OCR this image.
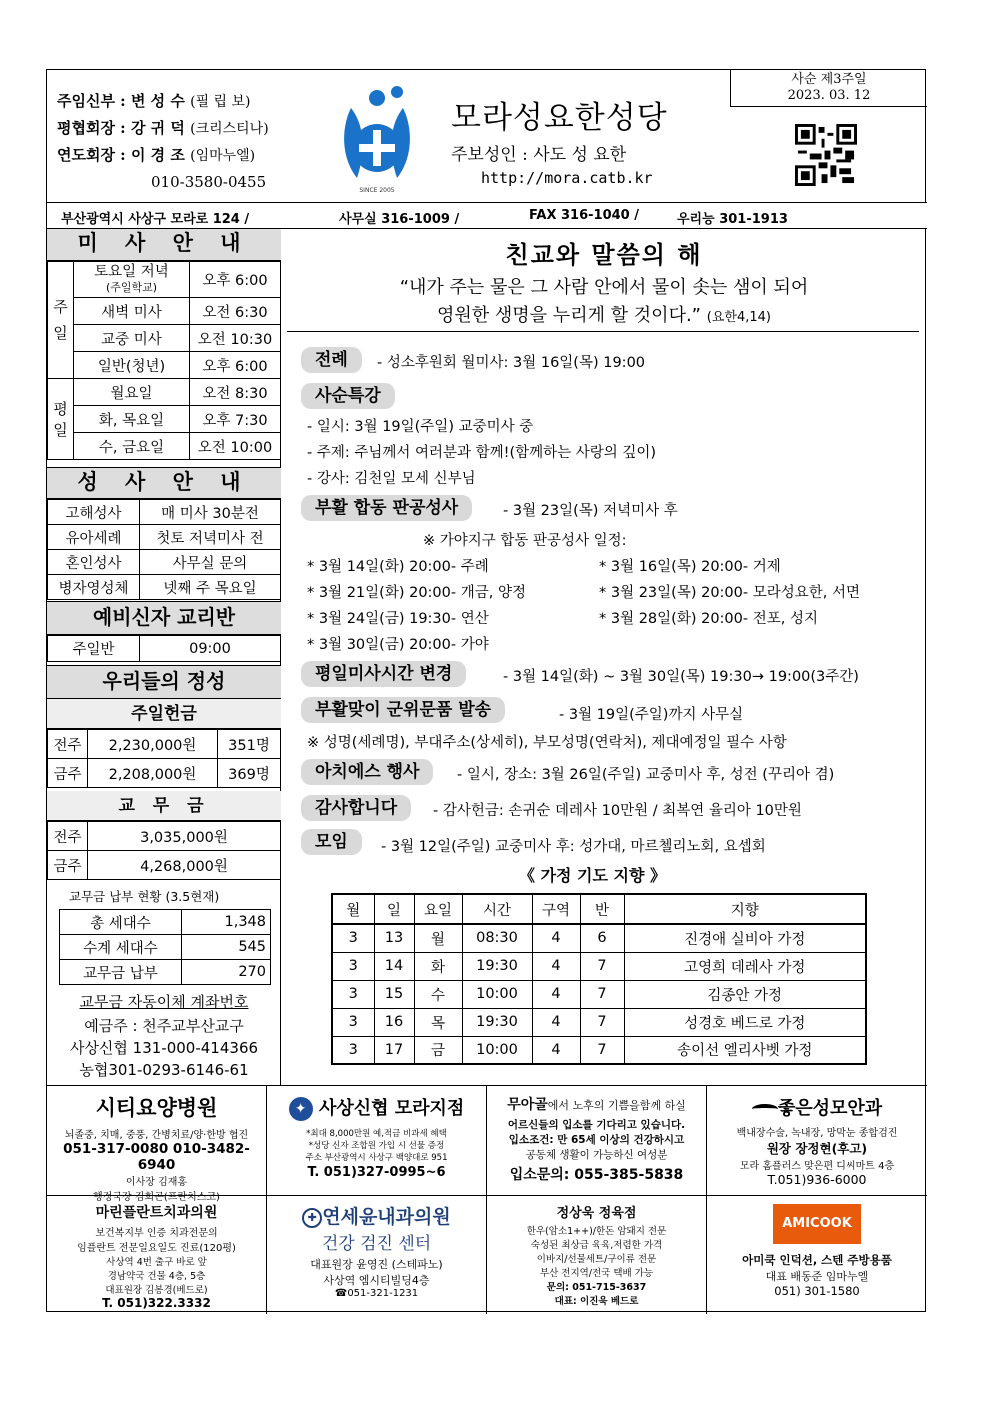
주임신부 : 변 성 수 (필 립 보)
평협회장 : 강 귀 덕 (크리스티나)
연도회장 : 이 경 조 (임마누엘)
010-3580-0455	SINCE 2005
모라성요한성당
주보성인 : 사도 성 요한
http://mora.catb.kr
사순 제3주일
2023. 03. 12
부산광역시 사상구 모라로 124 /	사무실 316-1009 /	FAX 316-1040 /	우리능 301-1913
미 사 안 내
주일	토요일 저녁
(주일학교)	오후 6:00
	새벽 미사	오전 6:30
	교중 미사	오전 10:30
	일반(청년)	오후 6:00
평일	월요일	오전 8:30
	화, 목요일	오후 7:30
	수, 금요일	오전 10:00
성 사 안 내
고해성사	매 미사 30분전
유아세례	첫토 저녁미사 전
혼인성사	사무실 문의
병자영성체	넷째 주 목요일
예비신자 교리반
주일반	09:00
우리들의 정성
주일헌금
전주	2,230,000원	351명
금주	2,208,000원	369명
교 무 금
전주	3,035,000원
금주	4,268,000원
교무금 납부 현황 (3.5현재)
총 세대수	1,348
수계 세대수	545
교무금 납부	270
교무금 자동이체 계좌번호
예금주 : 천주교부산교구
사상신협 131-000-414366
농협301-0293-6146-61
친교와 말씀의 해
“내가 주는 물은 그 사람 안에서 물이 솟는 샘이 되어
영원한 생명을 누리게 할 것이다.” (요한4,14)
전례	- 성소후원회 월미사: 3월 16일(목) 19:00
사순특강
- 일시: 3월 19일(주일) 교중미사 중
- 주제: 주님께서 여러분과 함께!(함께하는 사랑의 깊이)
- 강사: 김천일 모세 신부님
부활 합동 판공성사	- 3월 23일(목) 저녁미사 후
※ 가야지구 합동 판공성사 일정:
* 3월 14일(화) 20:00- 주례	* 3월 16일(목) 20:00- 거제
* 3월 21일(화) 20:00- 개금, 양정	* 3월 23일(목) 20:00- 모라성요한, 서면
* 3월 24일(금) 19:30- 연산	* 3월 28일(화) 20:00- 전포, 성지
* 3월 30일(금) 20:00- 가야
평일미사시간 변경	- 3월 14일(화) ~ 3월 30일(목) 19:30→ 19:00(3주간)
부활맞이 군위문품 발송	- 3월 19일(주일)까지 사무실
※ 성명(세례명), 부대주소(상세히), 부모성명(연락처), 제대예정일 필수 사항
아치에스 행사	- 일시, 장소: 3월 26일(주일) 교중미사 후, 성전 (꾸리아 겸)
감사합니다	- 감사헌금: 손귀순 데레사 10만원 / 최복연 율리아 10만원
모임	- 3월 12일(주일) 교중미사 후: 성가대, 마르첼리노회, 요셉회
《 가정 기도 지향 》
월	일	요일	시간	구역	반	지향
3	13	월	08:30	4	6	진경애 실비아 가정
3	14	화	19:30	4	7	고영희 데레사 가정
3	15	수	10:00	4	7	김종안 가정
3	16	목	19:30	4	7	성경호 베드로 가정
3	17	금	10:00	4	7	송이선 엘리사벳 가정
시티요양병원
뇌졸중, 치매, 중풍, 간병치료/양·한방 협진
051-317-0080 010-3482-6940
이사장 김재홍
행정국장 김희곤(프란치스코)
✦ 사상신협 모라지점
*최대 8,000만원 예,적금 비과세 혜택
*성당 신자 조합원 가입 시 선물 증정
주소 부산광역시 사상구 백양대로 951
T. 051)327-0995~6
무아골에서 노후의 기쁨을함께 하실
어르신들의 입소를 기다리고 있습니다.
입소조건: 만 65세 이상의 건강하시고
공동체 생활이 가능하신 여성분
입소문의: 055-385-5838
좋은성모안과
백내장수술, 녹내장, 망막눈 종합검진
원장 장정현(후고)
모라 홈플러스 맞은편 디씨마트 4층
T.051)936-6000
마린플란트치과의원
보건복지부 인증 치과전문의
임플란트 전문일요일도 진료(120평)
사상역 4번 출구 바로 앞
경남약국 건물 4층, 5층
대표원장 김봉경(베드로)
T. 051)322.3332
✚ 연세윤내과의원
건강 검진 센터
대표원장 윤영진 (스테파노)
사상역 엠시티빌딩4층
☎051-321-1231
정상욱 정육점
한우(암소1++)/한돈 암돼지 전문
숙성된 최상급 육육,저렴한 가격
이바지/선물세트/구이류 전문
부산 전지역/전국 택배 가능
문의: 051-715-3637
대표: 이진욱 베드로
AMICOOK
아미쿡 인덕션, 스텐 주방용품
대표 배동준 임마누엘
051) 301-1580
